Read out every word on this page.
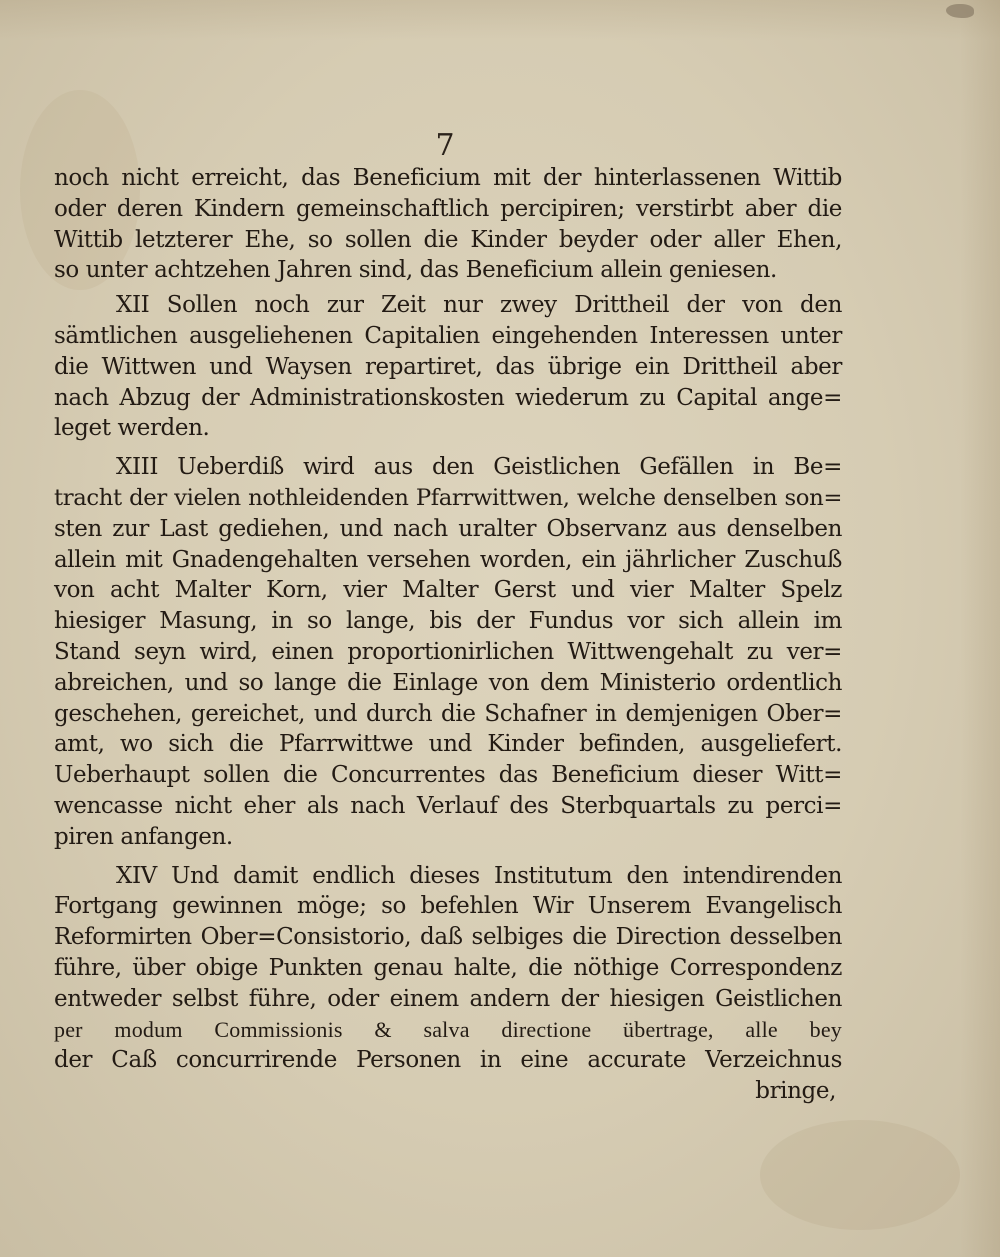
7
noch nicht erreicht, das Beneficium mit der hinterlassenen Wittib
oder deren Kindern gemeinschaftlich percipiren; verstirbt aber die
Wittib letzterer Ehe, so sollen die Kinder beyder oder aller Ehen,
so unter achtzehen Jahren sind, das Beneficium allein geniesen.
XII Sollen noch zur Zeit nur zwey Drittheil der von den
sämtlichen ausgeliehenen Capitalien eingehenden Interessen unter
die Wittwen und Waysen repartiret, das übrige ein Drittheil aber
nach Abzug der Administrationskosten wiederum zu Capital ange=
leget werden.
XIII Ueberdiß wird aus den Geistlichen Gefällen in Be=
tracht der vielen nothleidenden Pfarrwittwen, welche denselben son=
sten zur Last gediehen, und nach uralter Observanz aus denselben
allein mit Gnadengehalten versehen worden, ein jährlicher Zuschuß
von acht Malter Korn, vier Malter Gerst und vier Malter Spelz
hiesiger Masung, in so lange, bis der Fundus vor sich allein im
Stand seyn wird, einen proportionirlichen Wittwengehalt zu ver=
abreichen, und so lange die Einlage von dem Ministerio ordentlich
geschehen, gereichet, und durch die Schafner in demjenigen Ober=
amt, wo sich die Pfarrwittwe und Kinder befinden, ausgeliefert.
Ueberhaupt sollen die Concurrentes das Beneficium dieser Witt=
wencasse nicht eher als nach Verlauf des Sterbquartals zu perci=
piren anfangen.
XIV Und damit endlich dieses Institutum den intendirenden
Fortgang gewinnen möge; so befehlen Wir Unserem Evangelisch
Reformirten Ober=Consistorio, daß selbiges die Direction desselben
führe, über obige Punkten genau halte, die nöthige Correspondenz
entweder selbst führe, oder einem andern der hiesigen Geistlichen
per modum Commissionis & salva directione übertrage, alle bey
der Caß concurrirende Personen in eine accurate Verzeichnus
bringe,
